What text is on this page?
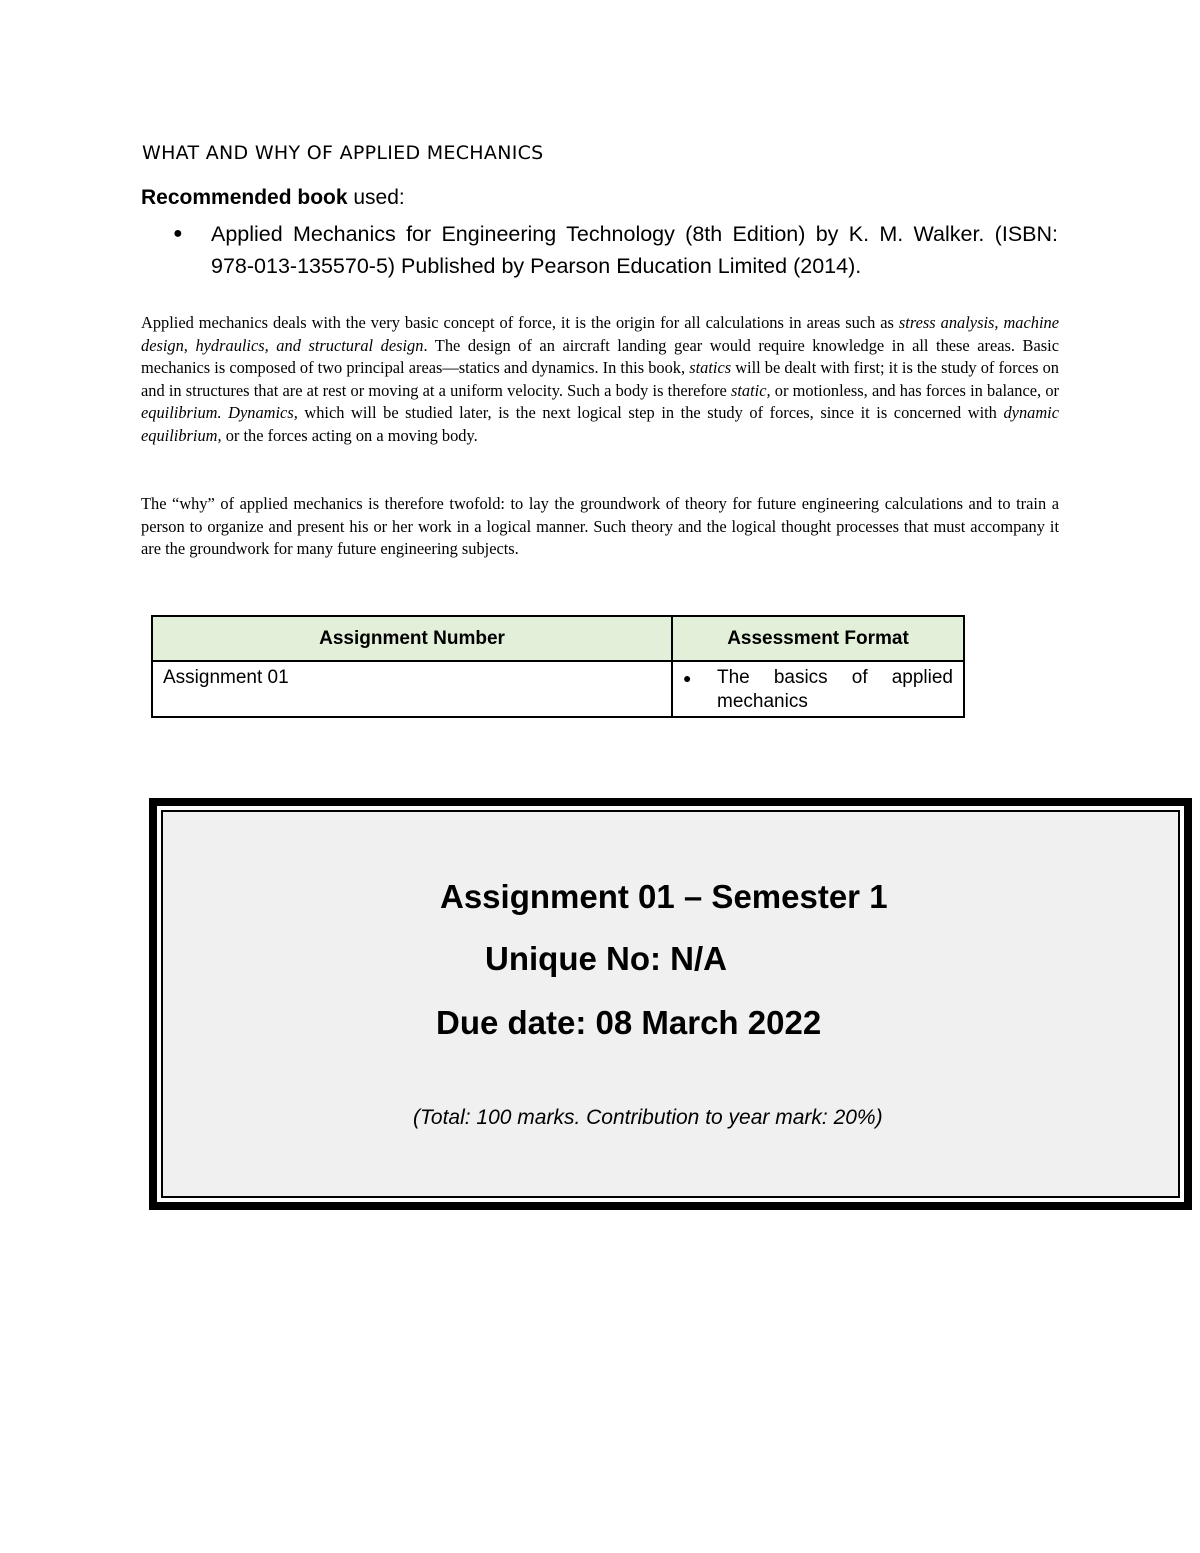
WHAT AND WHY OF APPLIED MECHANICS

Recommended book used:

● Applied Mechanics for Engineering Technology (8th Edition) by K. M. Walker. (ISBN: 978-013-135570-5) Published by Pearson Education Limited (2014).

Applied mechanics deals with the very basic concept of force, it is the origin for all calculations in areas such as stress analysis, machine design, hydraulics, and structural design. The design of an aircraft landing gear would require knowledge in all these areas. Basic mechanics is composed of two principal areas—statics and dynamics. In this book, statics will be dealt with first; it is the study of forces on and in structures that are at rest or moving at a uniform velocity. Such a body is therefore static, or motionless, and has forces in balance, or equilibrium. Dynamics, which will be studied later, is the next logical step in the study of forces, since it is concerned with dynamic equilibrium, or the forces acting on a moving body.

The “why” of applied mechanics is therefore twofold: to lay the groundwork of theory for future engineering calculations and to train a person to organize and present his or her work in a logical manner. Such theory and the logical thought processes that must accompany it are the groundwork for many future engineering subjects.

Assignment Number	Assessment Format
Assignment 01	● The basics of applied mechanics

Assignment 01 – Semester 1

Unique No: N/A

Due date: 08 March 2022

(Total: 100 marks. Contribution to year mark: 20%)
